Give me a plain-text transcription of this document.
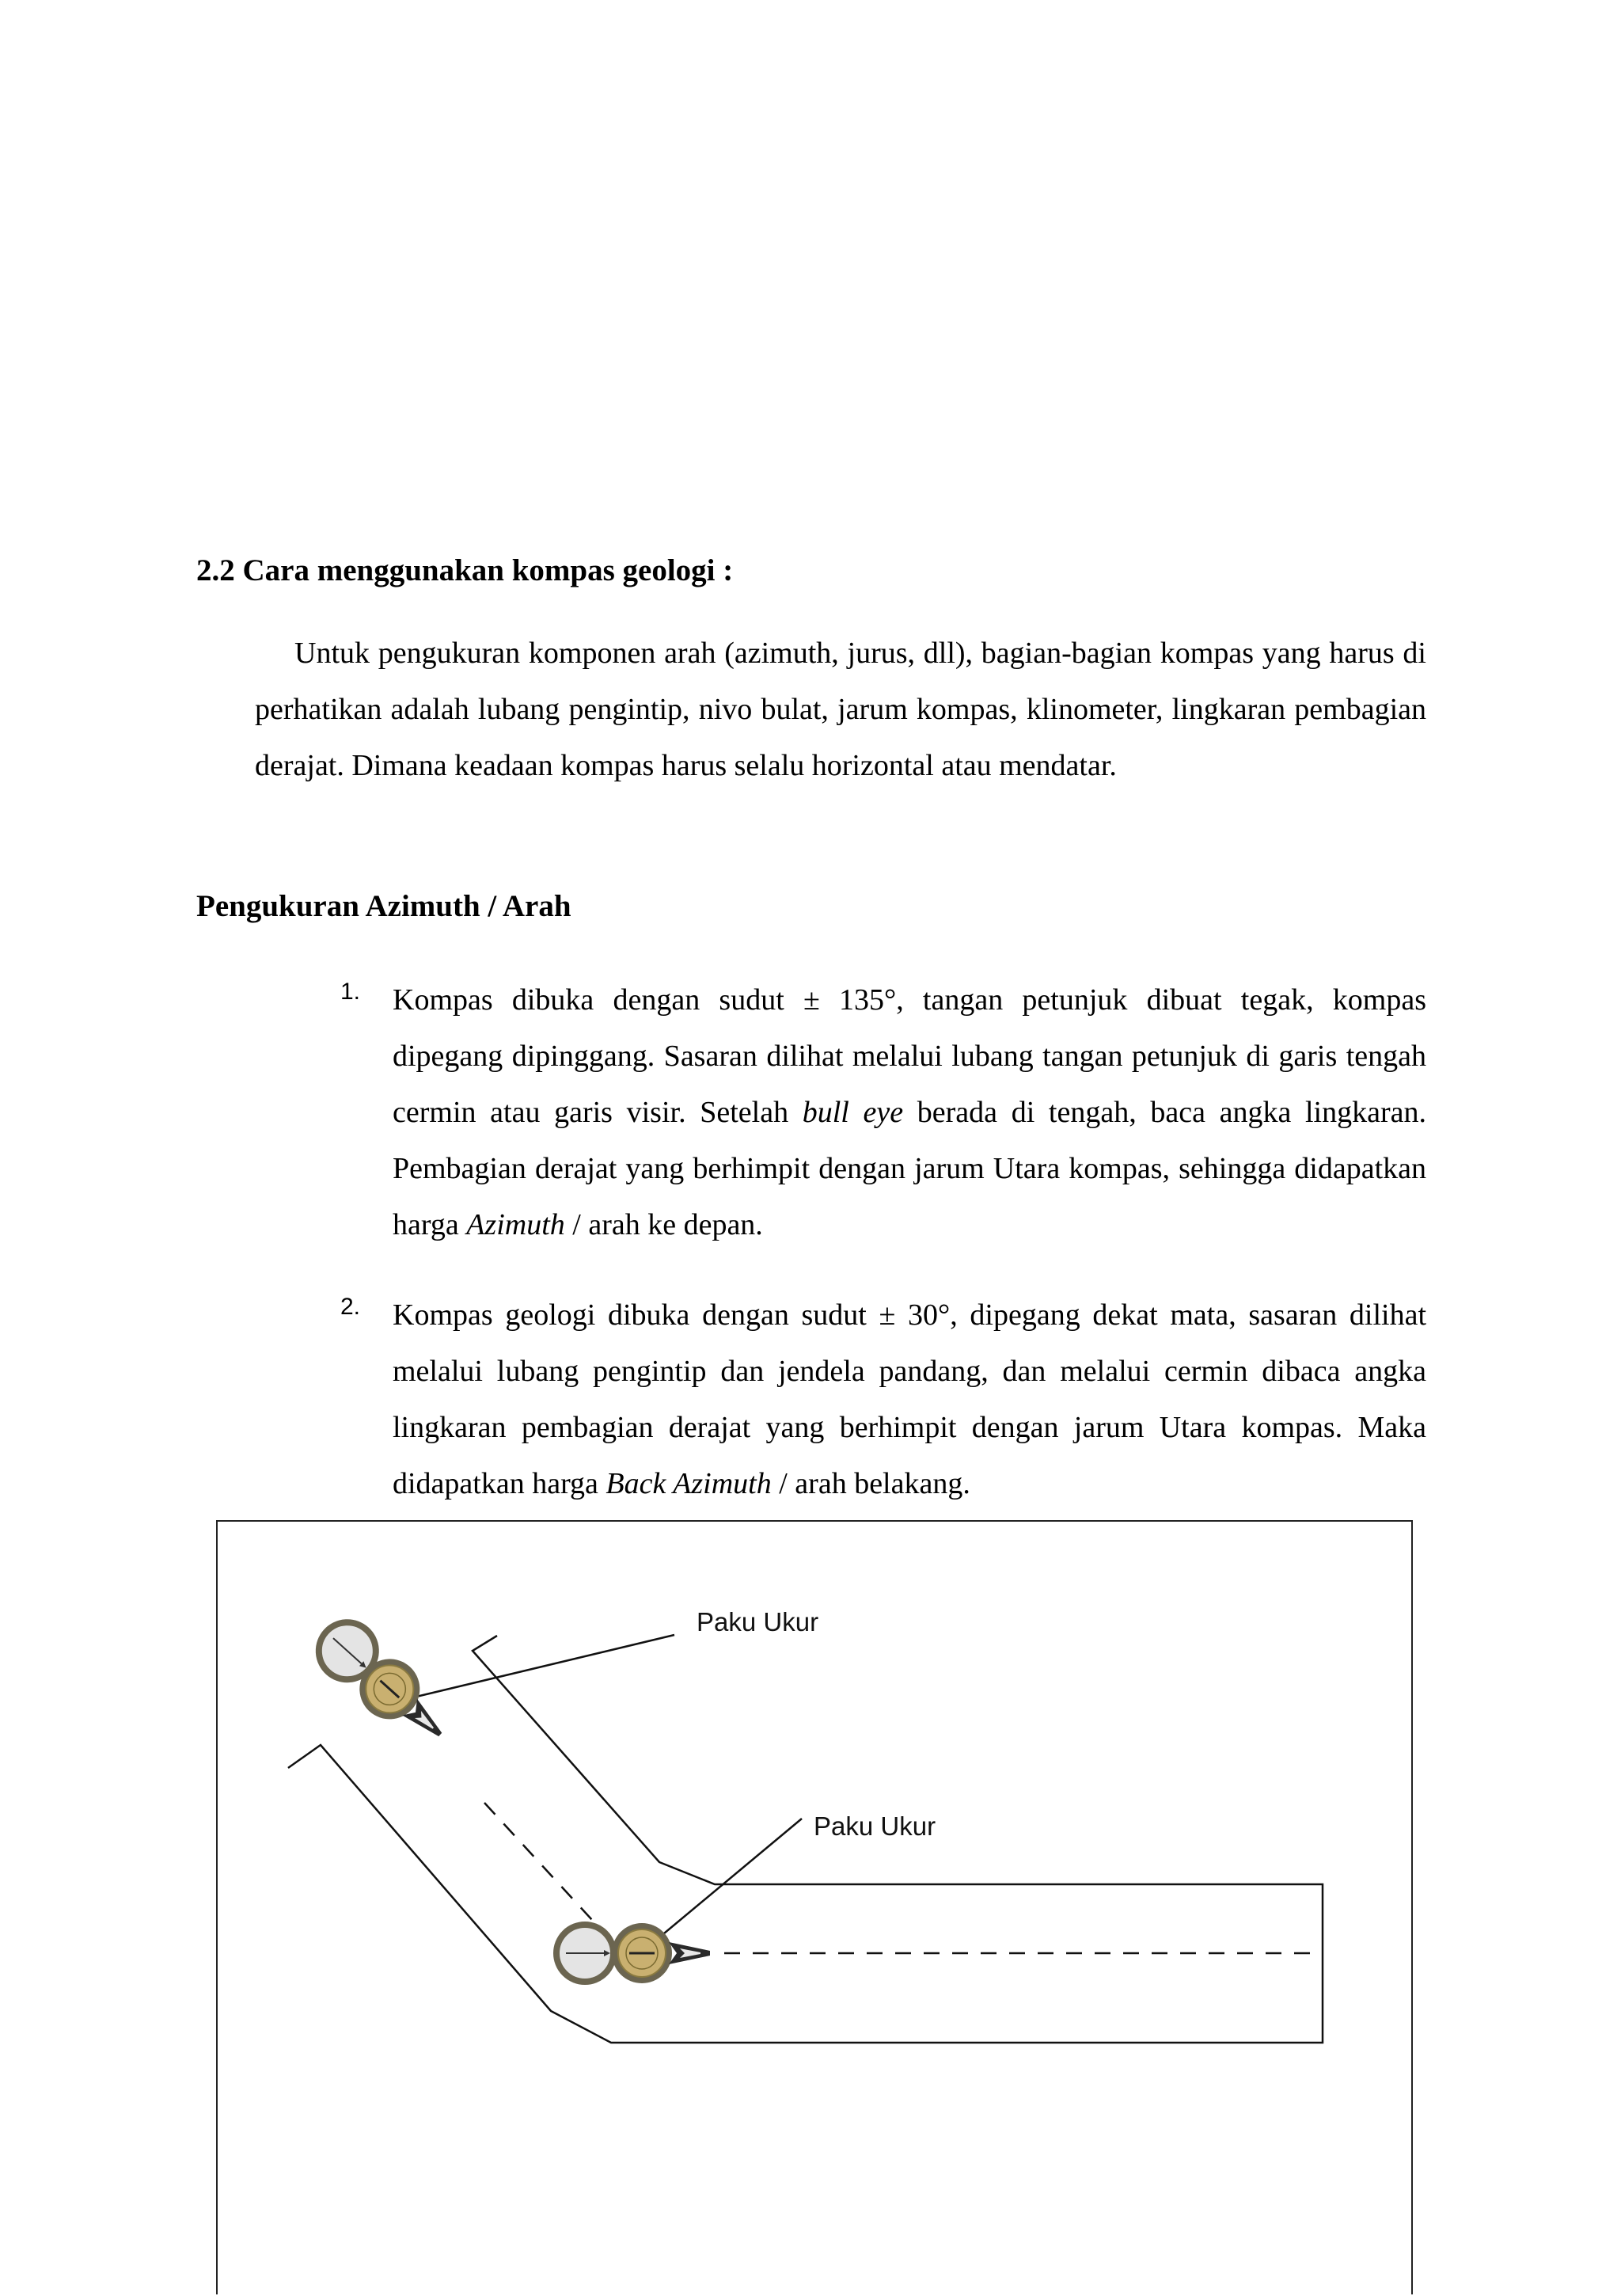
2.2 Cara menggunakan kompas geologi :

Untuk pengukuran komponen arah (azimuth, jurus, dll), bagian-bagian kompas yang harus di perhatikan adalah lubang pengintip, nivo bulat, jarum kompas, klinometer, lingkaran pembagian derajat. Dimana keadaan kompas harus selalu horizontal atau mendatar.

Pengukuran Azimuth / Arah
1. Kompas dibuka dengan sudut ± 135°, tangan petunjuk dibuat tegak, kompas dipegang dipinggang. Sasaran dilihat melalui lubang tangan petunjuk di garis tengah cermin atau garis visir. Setelah bull eye berada di tengah, baca angka lingkaran. Pembagian derajat yang berhimpit dengan jarum Utara kompas, sehingga didapatkan harga Azimuth / arah ke depan.
2. Kompas geologi dibuka dengan sudut ± 30°, dipegang dekat mata, sasaran dilihat melalui lubang pengintip dan jendela pandang, dan melalui cermin dibaca angka lingkaran pembagian derajat yang berhimpit dengan jarum Utara kompas. Maka didapatkan harga Back Azimuth / arah belakang.
Paku Ukur
Paku Ukur
